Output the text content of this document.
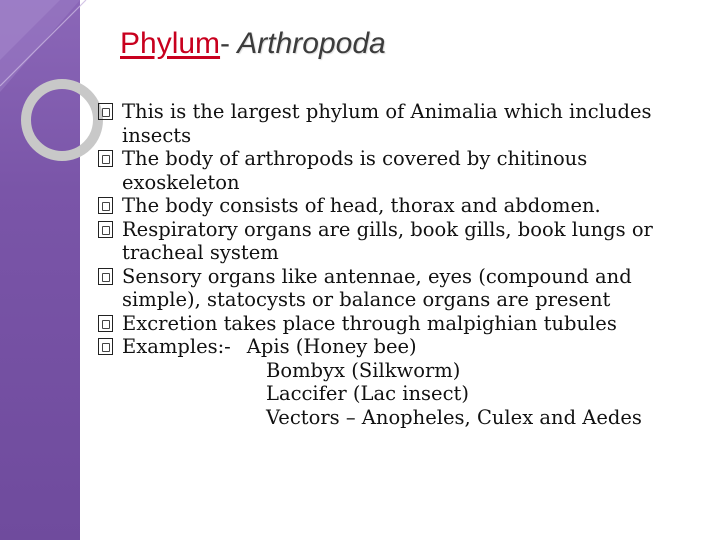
Phylum- Arthropoda

This is the largest phylum of Animalia which includes insects

The body of arthropods is covered by chitinous exoskeleton

The body consists of head, thorax and abdomen.

Respiratory organs are gills, book gills, book lungs or tracheal system

Sensory organs like antennae, eyes (compound and simple), statocysts or balance organs are present

Excretion takes place through malpighian tubules

Examples:- Apis (Honey bee)

Bombyx (Silkworm)

Laccifer (Lac insect)

Vectors – Anopheles, Culex and Aedes
